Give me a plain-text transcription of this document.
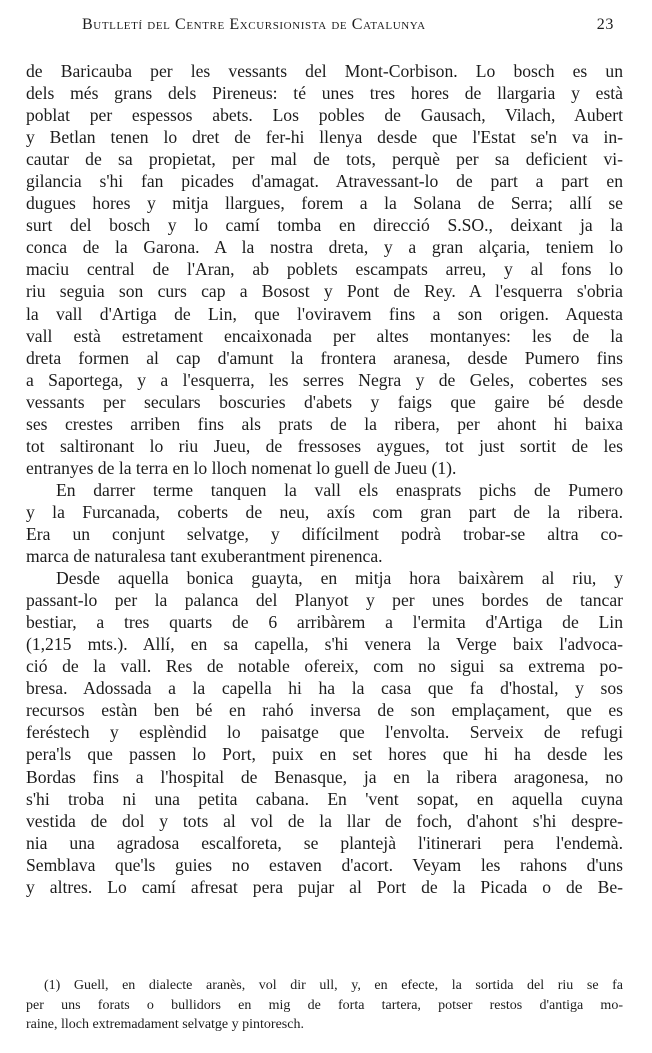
Butlletí del Centre Excursionista de Catalunya	23
de Baricauba per les vessants del Mont-Corbison. Lo bosch es un
dels més grans dels Pireneus: té unes tres hores de llargaria y està
poblat per espessos abets. Los pobles de Gausach, Vilach, Aubert
y Betlan tenen lo dret de fer-hi llenya desde que l'Estat se'n va in-
cautar de sa propietat, per mal de tots, perquè per sa deficient vi-
gilancia s'hi fan picades d'amagat. Atravessant-lo de part a part en
dugues hores y mitja llargues, forem a la Solana de Serra; allí se
surt del bosch y lo camí tomba en direcció S.SO., deixant ja la
conca de la Garona. A la nostra dreta, y a gran alçaria, teniem lo
maciu central de l'Aran, ab poblets escampats arreu, y al fons lo
riu seguia son curs cap a Bosost y Pont de Rey. A l'esquerra s'obria
la vall d'Artiga de Lin, que l'oviravem fins a son origen. Aquesta
vall està estretament encaixonada per altes montanyes: les de la
dreta formen al cap d'amunt la frontera aranesa, desde Pumero fins
a Saportega, y a l'esquerra, les serres Negra y de Geles, cobertes ses
vessants per seculars boscuries d'abets y faigs que gaire bé desde
ses crestes arriben fins als prats de la ribera, per ahont hi baixa
tot saltironant lo riu Jueu, de fressoses aygues, tot just sortit de les
entranyes de la terra en lo lloch nomenat lo guell de Jueu (1).
En darrer terme tanquen la vall els enasprats pichs de Pumero
y la Furcanada, coberts de neu, axís com gran part de la ribera.
Era un conjunt selvatge, y difícilment podrà trobar-se altra co-
marca de naturalesa tant exuberantment pirenenca.
Desde aquella bonica guayta, en mitja hora baixàrem al riu, y
passant-lo per la palanca del Planyot y per unes bordes de tancar
bestiar, a tres quarts de 6 arribàrem a l'ermita d'Artiga de Lin
(1,215 mts.). Allí, en sa capella, s'hi venera la Verge baix l'advoca-
ció de la vall. Res de notable ofereix, com no sigui sa extrema po-
bresa. Adossada a la capella hi ha la casa que fa d'hostal, y sos
recursos estàn ben bé en rahó inversa de son emplaçament, que es
feréstech y esplèndid lo paisatge que l'envolta. Serveix de refugi
pera'ls que passen lo Port, puix en set hores que hi ha desde les
Bordas fins a l'hospital de Benasque, ja en la ribera aragonesa, no
s'hi troba ni una petita cabana. En 'vent sopat, en aquella cuyna
vestida de dol y tots al vol de la llar de foch, d'ahont s'hi despre-
nia una agradosa escalforeta, se plantejà l'itinerari pera l'endemà.
Semblava que'ls guies no estaven d'acort. Veyam les rahons d'uns
y altres. Lo camí afresat pera pujar al Port de la Picada o de Be-
(1) Guell, en dialecte aranès, vol dir ull, y, en efecte, la sortida del riu se fa
per uns forats o bullidors en mig de forta tartera, potser restos d'antiga mo-
raine, lloch extremadament selvatge y pintoresch.
